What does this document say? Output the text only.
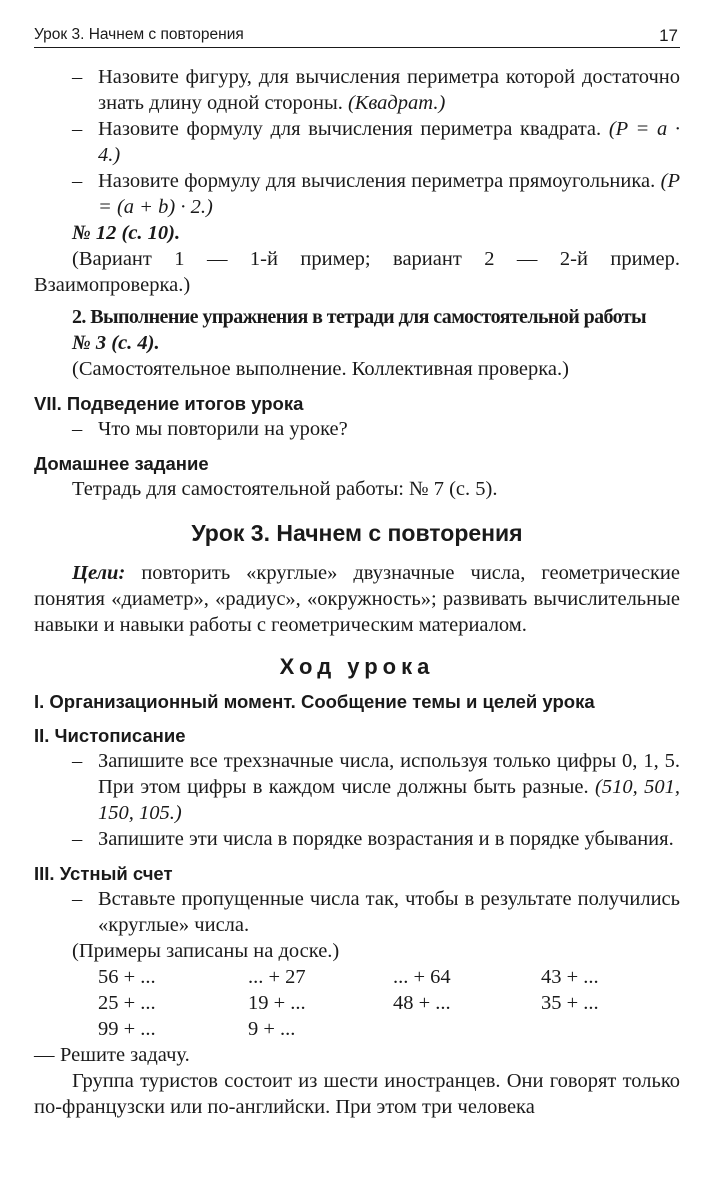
Урок 3. Начнем с повторения	17
– Назовите фигуру, для вычисления периметра которой достаточно знать длину одной стороны. (Квадрат.)
– Назовите формулу для вычисления периметра квадрата. (P = a · 4.)
– Назовите формулу для вычисления периметра прямоугольника. (P = (a + b) · 2.)
№ 12 (с. 10).
(Вариант 1 — 1-й пример; вариант 2 — 2-й пример. Взаимопроверка.)
2. Выполнение упражнения в тетради для самостоятельной работы
№ 3 (с. 4).
(Самостоятельное выполнение. Коллективная проверка.)
VII. Подведение итогов урока
– Что мы повторили на уроке?
Домашнее задание
Тетрадь для самостоятельной работы: № 7 (с. 5).
Урок 3. Начнем с повторения
Цели: повторить «круглые» двузначные числа, геометрические понятия «диаметр», «радиус», «окружность»; развивать вычислительные навыки и навыки работы с геометрическим материалом.
Ход урока
I. Организационный момент. Сообщение темы и целей урока
II. Чистописание
– Запишите все трехзначные числа, используя только цифры 0, 1, 5. При этом цифры в каждом числе должны быть разные. (510, 501, 150, 105.)
– Запишите эти числа в порядке возрастания и в порядке убывания.
III. Устный счет
– Вставьте пропущенные числа так, чтобы в результате получились «круглые» числа.
(Примеры записаны на доске.)
56 + ...	... + 27	... + 64	43 + ...
25 + ...	19 + ...	48 + ...	35 + ...
99 + ...	9 + ...
— Решите задачу.
Группа туристов состоит из шести иностранцев. Они говорят только по-французски или по-английски. При этом три человека
